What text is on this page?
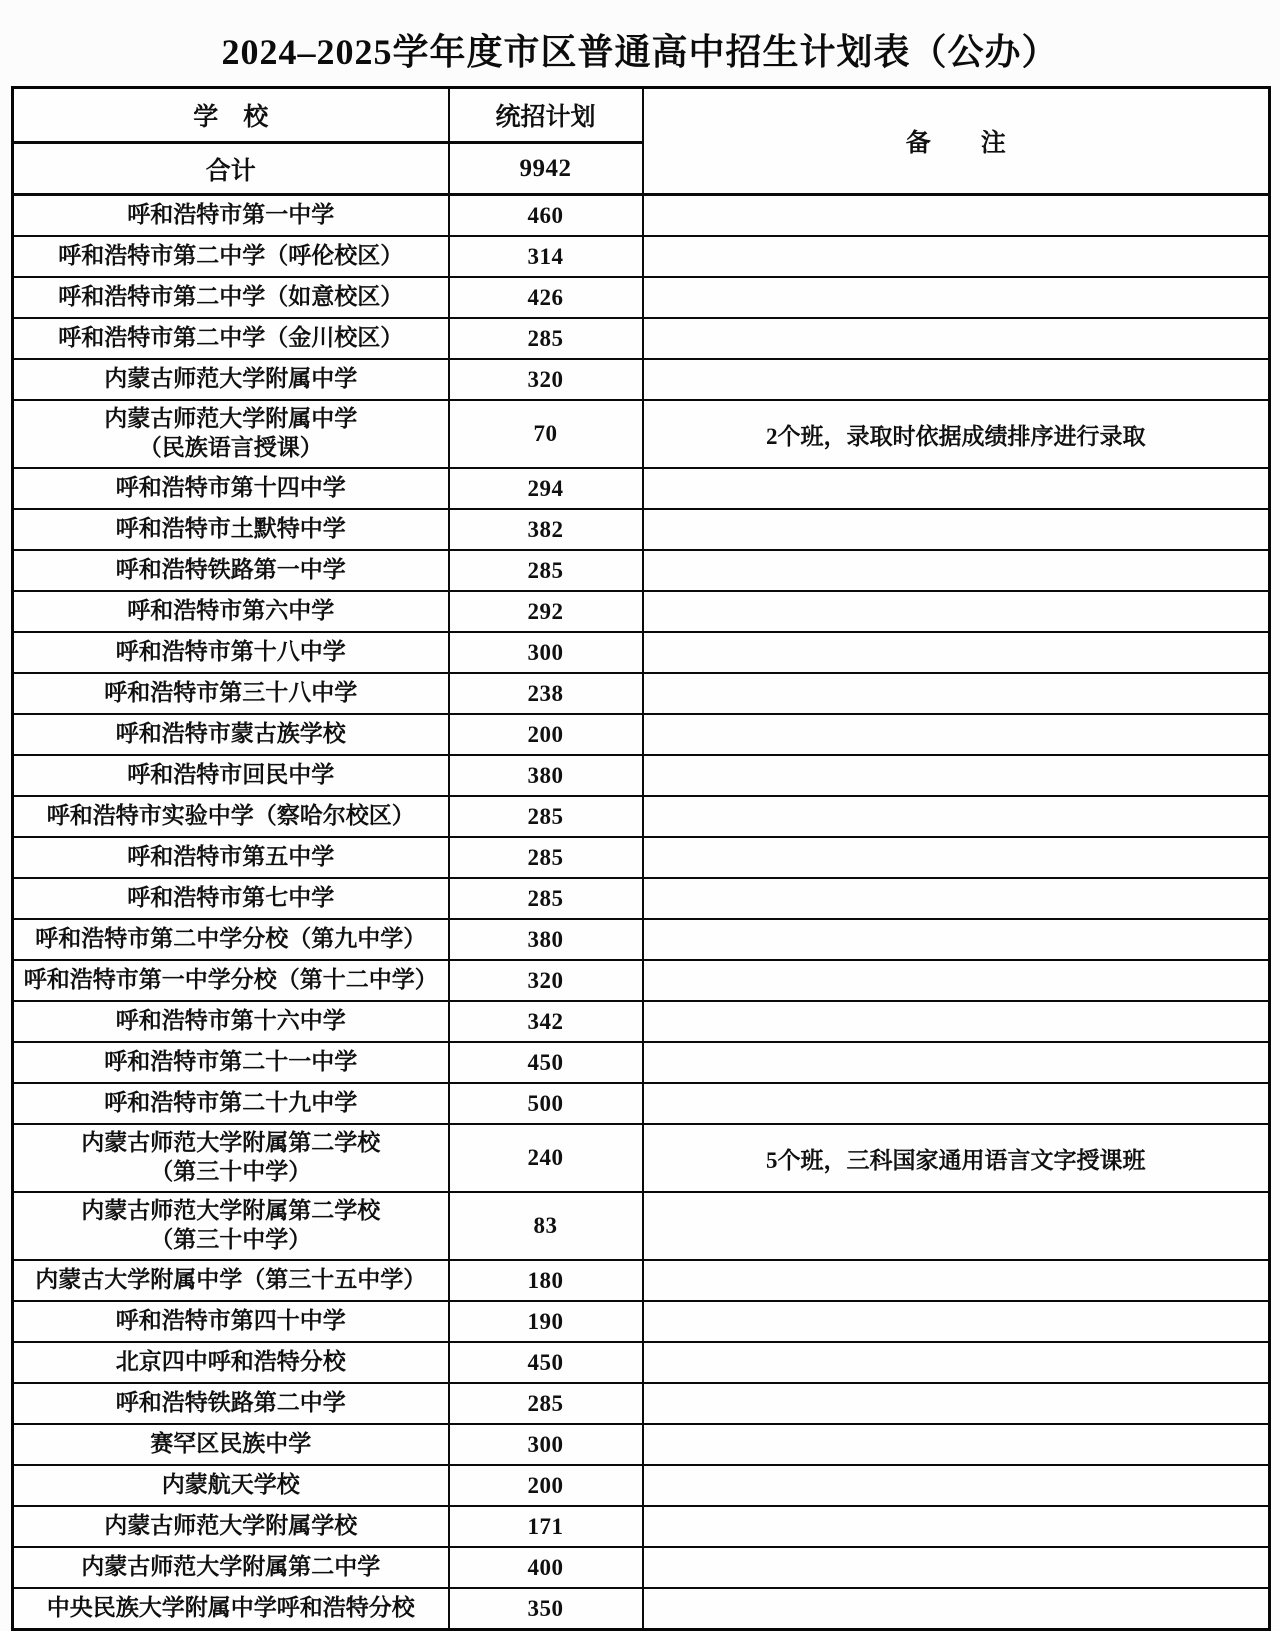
2024–2025学年度市区普通高中招生计划表（公办）
学　校	统招计划	备　　注
合计	9942	

呼和浩特市第一中学	460	

呼和浩特市第二中学（呼伦校区）	314	

呼和浩特市第二中学（如意校区）	426	

呼和浩特市第二中学（金川校区）	285	

内蒙古师范大学附属中学	320	

内蒙古师范大学附属中学
（民族语言授课）	70	2个班，录取时依据成绩排序进行录取

呼和浩特市第十四中学	294	

呼和浩特市土默特中学	382	

呼和浩特铁路第一中学	285	

呼和浩特市第六中学	292	

呼和浩特市第十八中学	300	

呼和浩特市第三十八中学	238	

呼和浩特市蒙古族学校	200	

呼和浩特市回民中学	380	

呼和浩特市实验中学（察哈尔校区）	285	

呼和浩特市第五中学	285	

呼和浩特市第七中学	285	

呼和浩特市第二中学分校（第九中学）	380	

呼和浩特市第一中学分校（第十二中学）	320	

呼和浩特市第十六中学	342	

呼和浩特市第二十一中学	450	

呼和浩特市第二十九中学	500	

内蒙古师范大学附属第二学校
（第三十中学）	240	5个班，三科国家通用语言文字授课班

内蒙古师范大学附属第二学校
（第三十中学）	83	

内蒙古大学附属中学（第三十五中学）	180	

呼和浩特市第四十中学	190	

北京四中呼和浩特分校	450	

呼和浩特铁路第二中学	285	

赛罕区民族中学	300	

内蒙航天学校	200	

内蒙古师范大学附属学校	171	

内蒙古师范大学附属第二中学	400	

中央民族大学附属中学呼和浩特分校	350	
